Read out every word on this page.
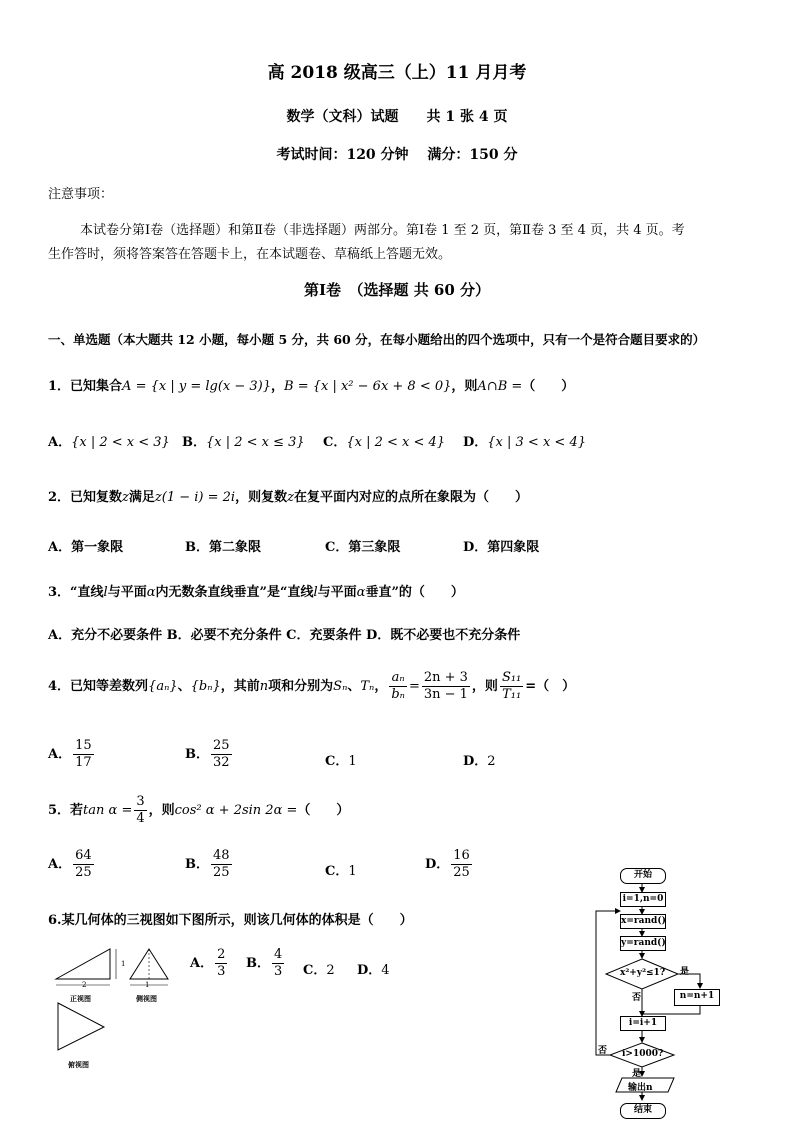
高 2018 级高三（上）11 月月考
数学（文科）试题　　共 1 张 4 页
考试时间：120 分钟　 满分：150 分
注意事项：
本试卷分第Ⅰ卷（选择题）和第Ⅱ卷（非选择题）两部分。第Ⅰ卷 1 至 2 页，第Ⅱ卷 3 至 4 页，共 4 页。考
生作答时，须将答案答在答题卡上，在本试题卷、草稿纸上答题无效。
第Ⅰ卷　（选择题 共 60 分）
一、单选题（本大题共 12 小题，每小题 5 分，共 60 分，在每小题给出的四个选项中，只有一个是符合题目要求的）
1．已知集合A = {x | y = lg(x − 3)}，B = {x | x² − 6x + 8 < 0}，则A∩B =（　　）
A．{x | 2 < x < 3} B．{x | 2 < x ≤ 3} C．{x | 2 < x < 4} D．{x | 3 < x < 4}
2．已知复数z满足z(1 − i) = 2i，则复数z在复平面内对应的点所在象限为（　　）
A．第一象限	B．第二象限	C．第三象限	D．第四象限
3．“直线l与平面α内无数条直线垂直”是“直线l与平面α垂直”的（　　）
A．充分不必要条件 B．必要不充分条件 C．充要条件 D．既不必要也不充分条件
4．已知等差数列{aₙ}、{bₙ}，其前n项和分别为Sₙ、Tₙ， $\frac{\text{aₙ}}{\text{bₙ}} = \frac{2n + 3}{3n - 1}$ ，则 $\frac{\text{S₁₁}}{\text{T₁₁}}$ =（　）
A． $\frac{15}{17}$	B． $\frac{25}{32}$	C．1	D．2
5．若$\tan \alpha = \frac{3}{4}$ ，则cos² α + 2sin 2α =（　　）
A． $\frac{64}{25}$	B． $\frac{48}{25}$	C．1	D． $\frac{16}{25}$
6.某几何体的三视图如下图所示，则该几何体的体积是（　　）
2
1
1
正视图	侧视图
俯视图
A． $\frac{2}{3}$ B． $\frac{4}{3}$ C．2 D．4
开始
i=1,n=0
x=rand()
y=rand()
x²+y²≤1? 是
否	n=n+1
i=i+1
i>1000?
否
是
输出n
结束
